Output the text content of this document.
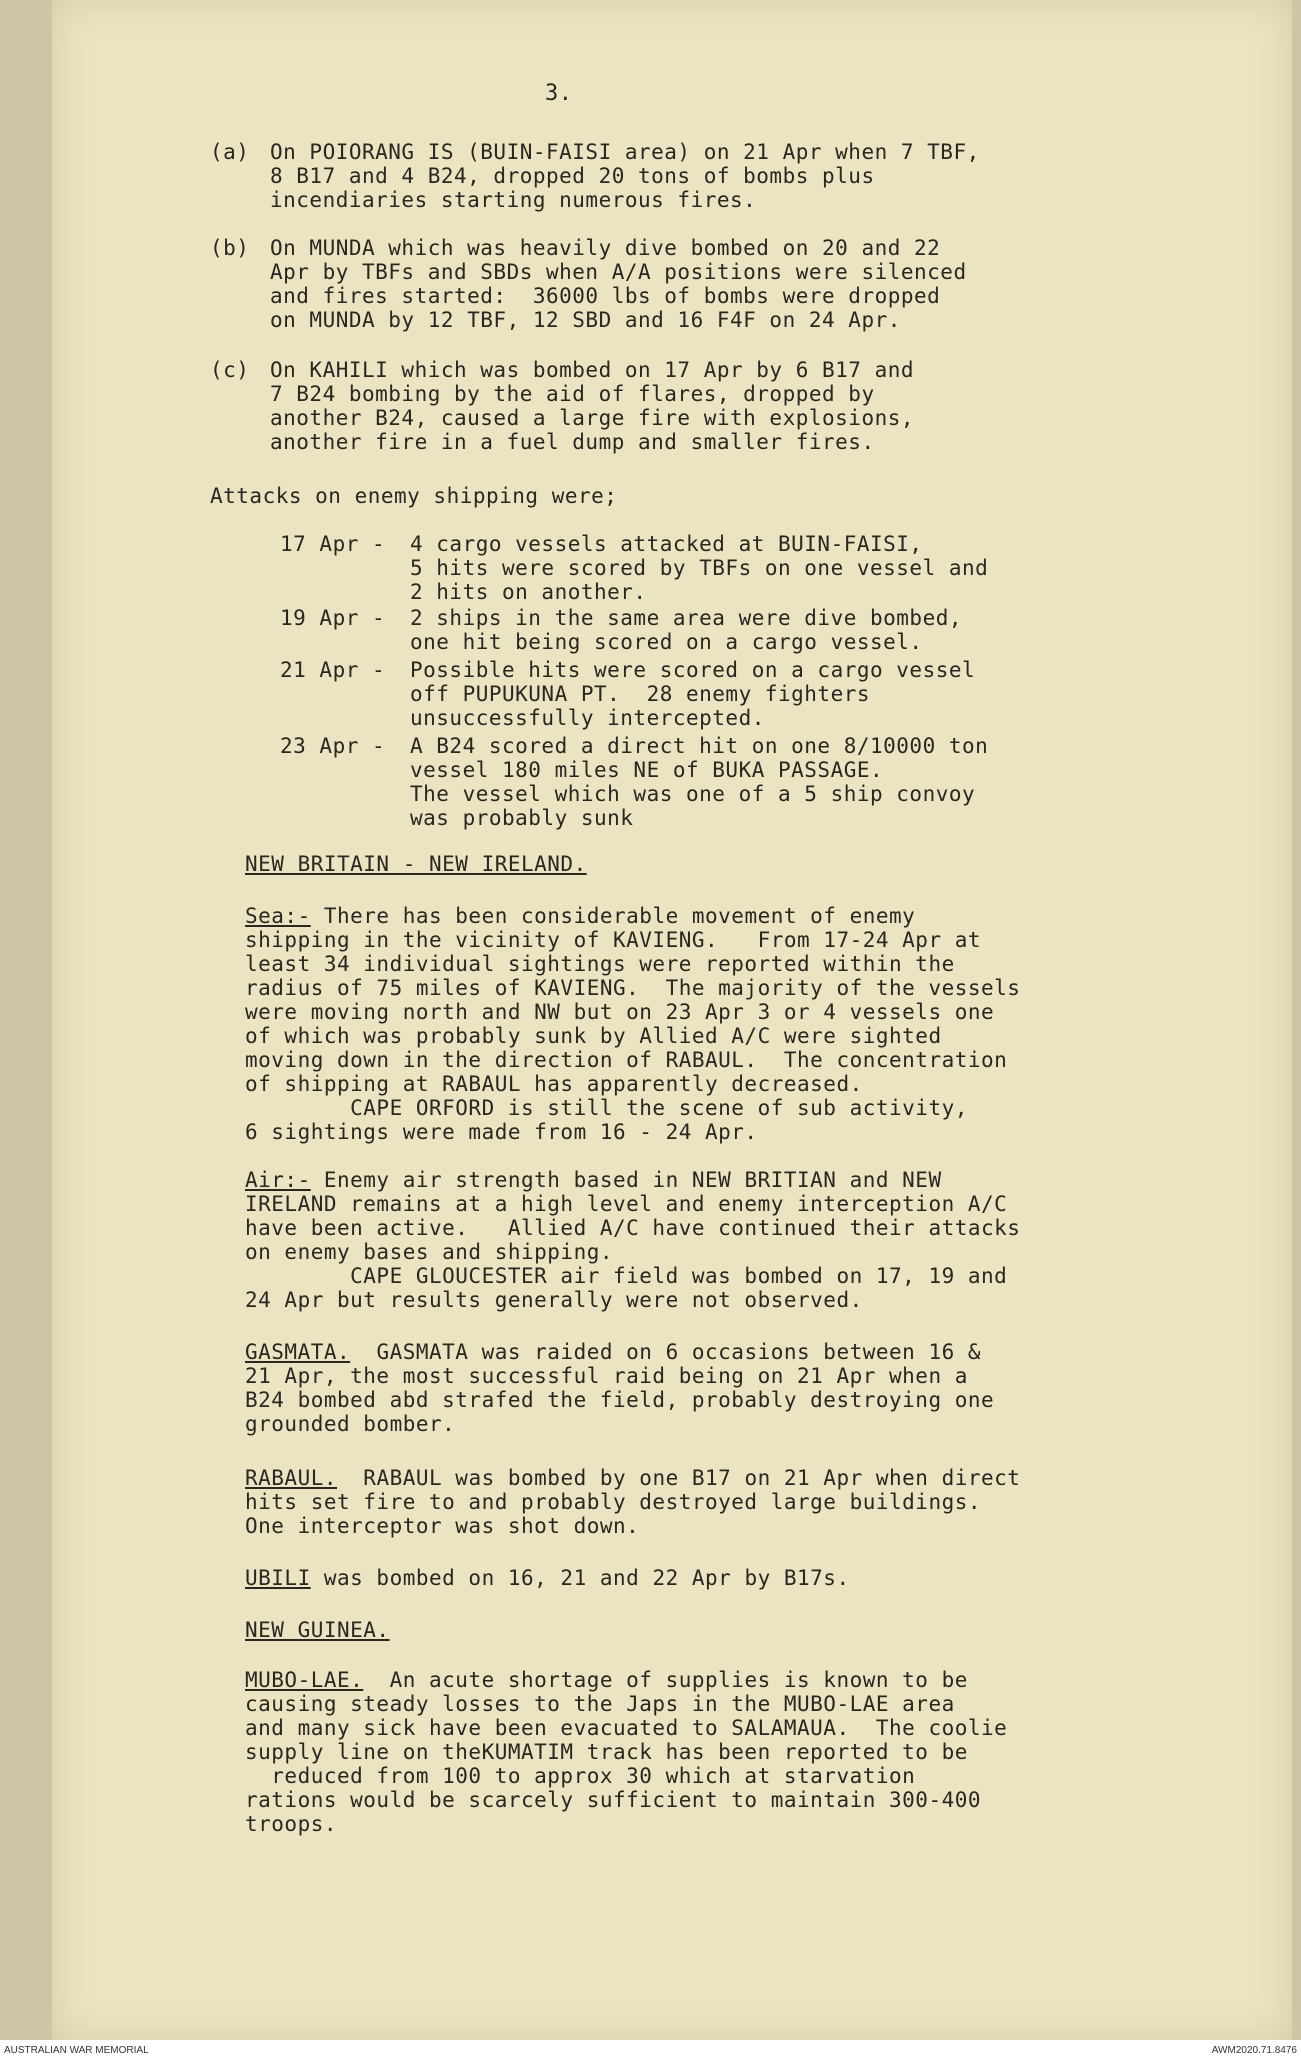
3.
(a) On POIORANG IS (BUIN-FAISI area) on 21 Apr when 7 TBF,
8 B17 and 4 B24, dropped 20 tons of bombs plus
incendiaries starting numerous fires.
(b) On MUNDA which was heavily dive bombed on 20 and 22
Apr by TBFs and SBDs when A/A positions were silenced
and fires started:  36000 lbs of bombs were dropped
on MUNDA by 12 TBF, 12 SBD and 16 F4F on 24 Apr.
(c) On KAHILI which was bombed on 17 Apr by 6 B17 and
7 B24 bombing by the aid of flares, dropped by
another B24, caused a large fire with explosions,
another fire in a fuel dump and smaller fires.
Attacks on enemy shipping were;
17 Apr - 4 cargo vessels attacked at BUIN-FAISI,
5 hits were scored by TBFs on one vessel and
2 hits on another.
19 Apr - 2 ships in the same area were dive bombed,
one hit being scored on a cargo vessel.
21 Apr - Possible hits were scored on a cargo vessel
off PUPUKUNA PT.  28 enemy fighters
unsuccessfully intercepted.
23 Apr - A B24 scored a direct hit on one 8/10000 ton
vessel 180 miles NE of BUKA PASSAGE.
The vessel which was one of a 5 ship convoy
was probably sunk
NEW BRITAIN - NEW IRELAND.
Sea:- There has been considerable movement of enemy
shipping in the vicinity of KAVIENG.   From 17-24 Apr at
least 34 individual sightings were reported within the
radius of 75 miles of KAVIENG.  The majority of the vessels
were moving north and NW but on 23 Apr 3 or 4 vessels one
of which was probably sunk by Allied A/C were sighted
moving down in the direction of RABAUL.  The concentration
of shipping at RABAUL has apparently decreased.
CAPE ORFORD is still the scene of sub activity,
6 sightings were made from 16 - 24 Apr.
Air:- Enemy air strength based in NEW BRITIAN and NEW
IRELAND remains at a high level and enemy interception A/C
have been active.   Allied A/C have continued their attacks
on enemy bases and shipping.
CAPE GLOUCESTER air field was bombed on 17, 19 and
24 Apr but results generally were not observed.
GASMATA.  GASMATA was raided on 6 occasions between 16 &
21 Apr, the most successful raid being on 21 Apr when a
B24 bombed abd strafed the field, probably destroying one
grounded bomber.
RABAUL.  RABAUL was bombed by one B17 on 21 Apr when direct
hits set fire to and probably destroyed large buildings.
One interceptor was shot down.
UBILI was bombed on 16, 21 and 22 Apr by B17s.
NEW GUINEA.
MUBO-LAE.  An acute shortage of supplies is known to be
causing steady losses to the Japs in the MUBO-LAE area
and many sick have been evacuated to SALAMAUA.  The coolie
supply line on theKUMATIM track has been reported to be
reduced from 100 to approx 30 which at starvation
rations would be scarcely sufficient to maintain 300-400
troops.
AUSTRALIAN WAR MEMORIAL	AWM2020.71.8476
